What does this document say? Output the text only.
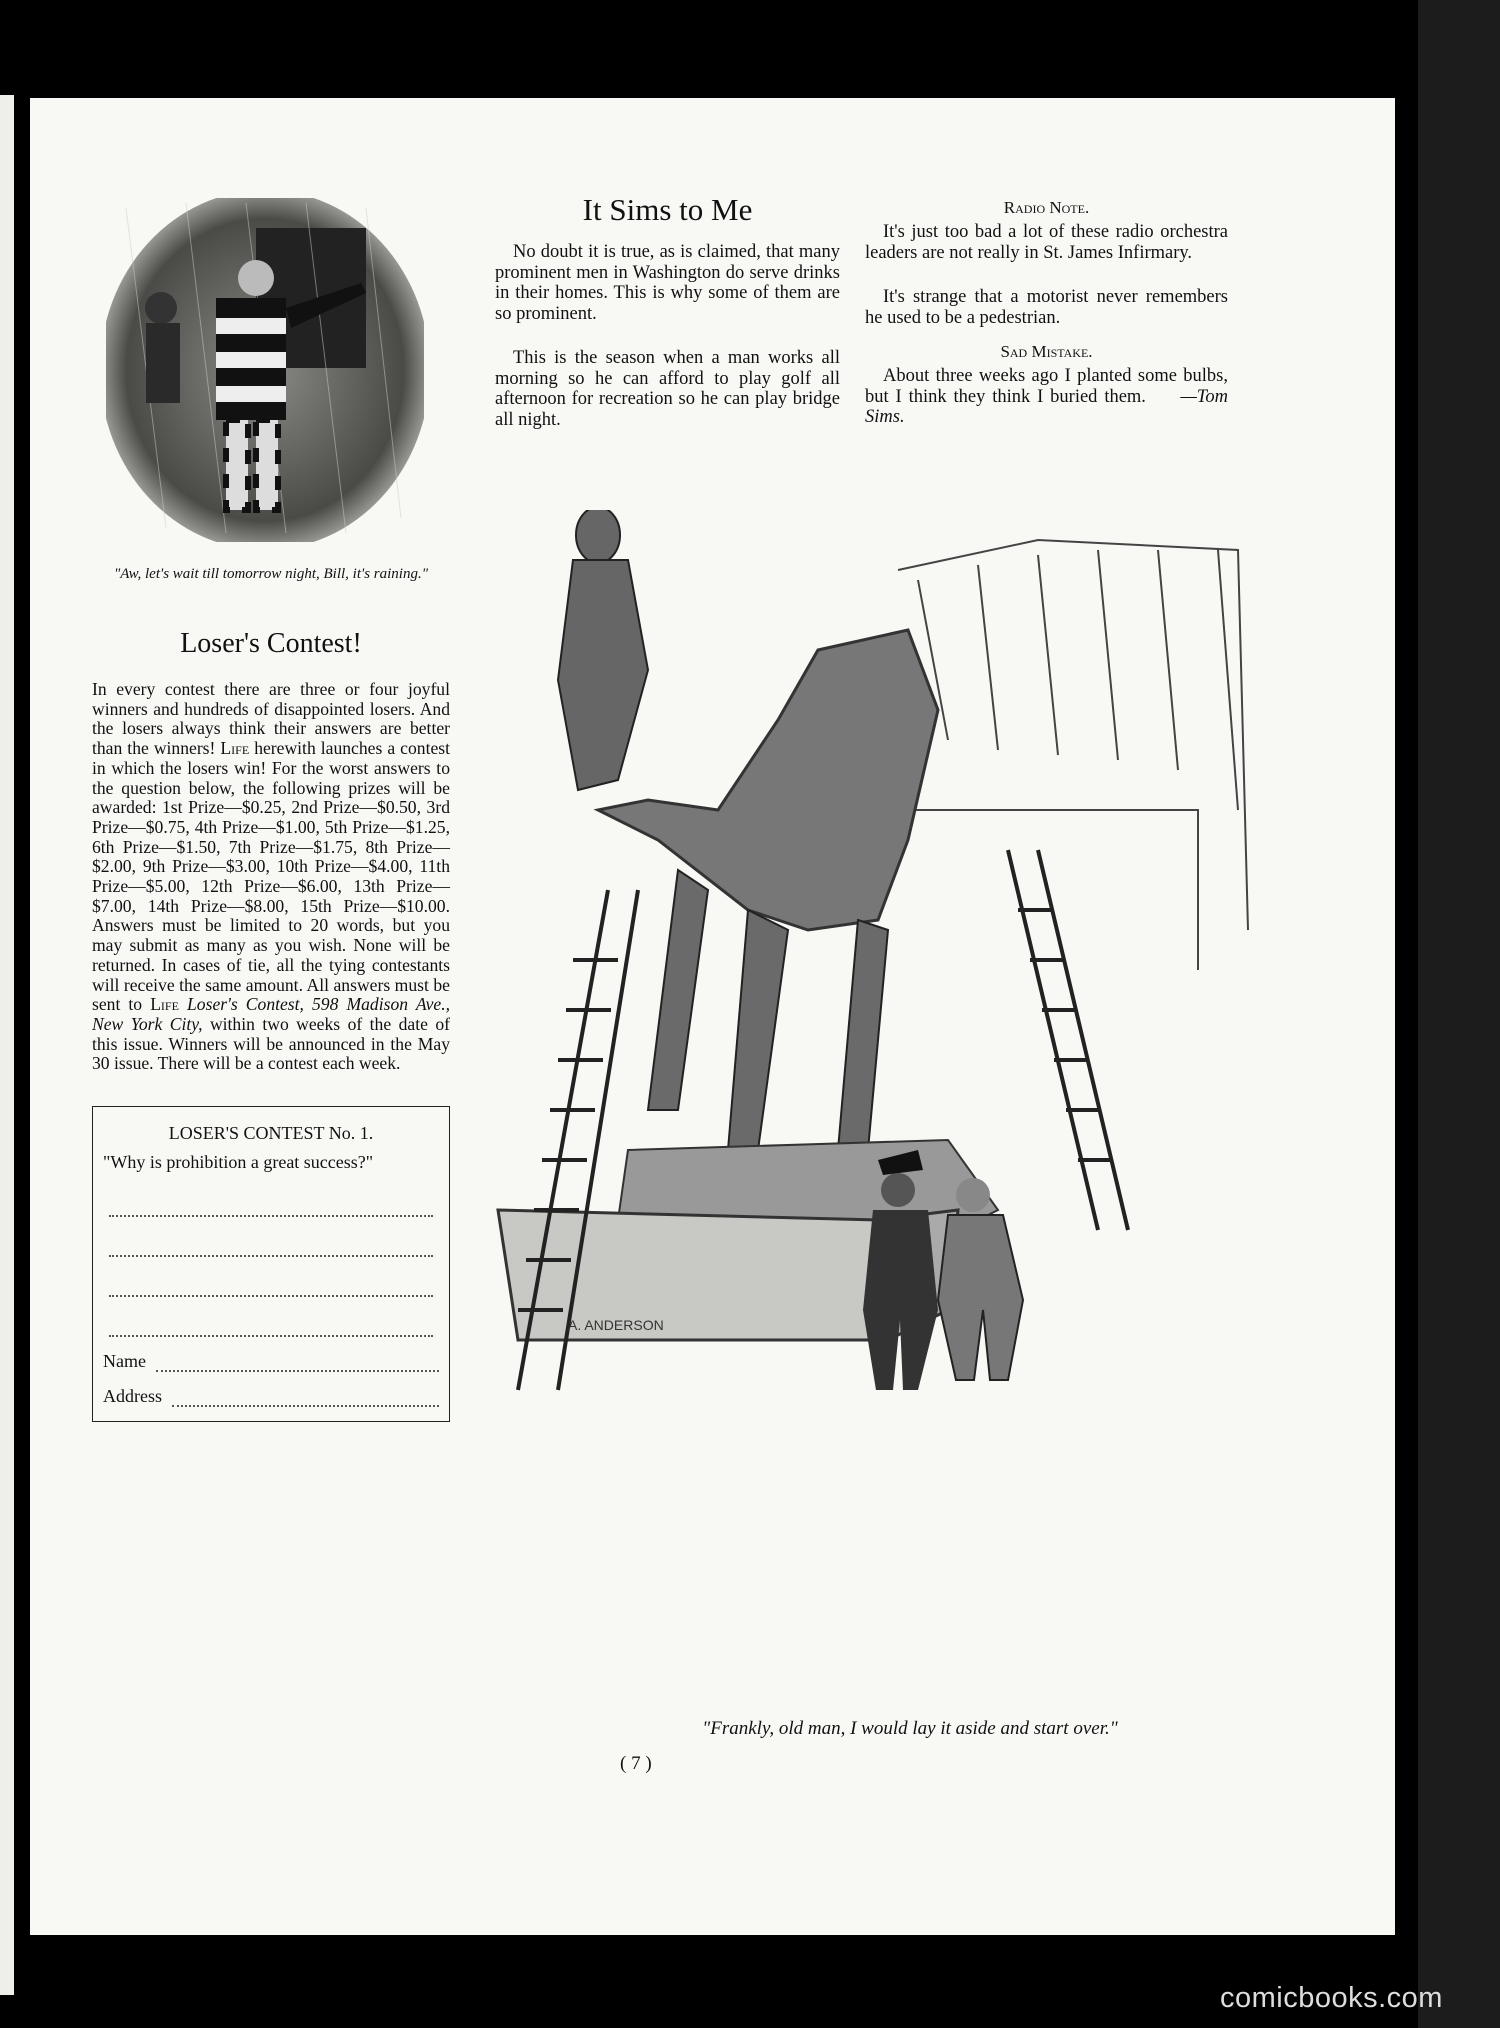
"Aw, let's wait till tomorrow night, Bill, it's raining."
Loser's Contest!

In every contest there are three or four joyful winners and hundreds of disappointed losers. And the losers always think their answers are better than the winners! Life herewith launches a contest in which the losers win! For the worst answers to the question below, the following prizes will be awarded: 1st Prize—$0.25, 2nd Prize—$0.50, 3rd Prize—$0.75, 4th Prize—$1.00, 5th Prize—$1.25, 6th Prize—$1.50, 7th Prize—$1.75, 8th Prize—$2.00, 9th Prize—$3.00, 10th Prize—$4.00, 11th Prize—$5.00, 12th Prize—$6.00, 13th Prize—$7.00, 14th Prize—$8.00, 15th Prize—$10.00. Answers must be limited to 20 words, but you may submit as many as you wish. None will be returned. In cases of tie, all the tying contestants will receive the same amount. All answers must be sent to Life Loser's Contest, 598 Madison Ave., New York City, within two weeks of the date of this issue. Winners will be announced in the May 30 issue. There will be a contest each week.

LOSER'S CONTEST No. 1.
"Why is prohibition a great success?"
Name
Address
It Sims to Me

No doubt it is true, as is claimed, that many prominent men in Washington do serve drinks in their homes. This is why some of them are so prominent.

This is the season when a man works all morning so he can afford to play golf all afternoon for recreation so he can play bridge all night.

Radio Note.

It's just too bad a lot of these radio orchestra leaders are not really in St. James Infirmary.

It's strange that a motorist never remembers he used to be a pedestrian.

Sad Mistake.

About three weeks ago I planted some bulbs, but I think they think I buried them. —Tom Sims.

A. ANDERSON
"Frankly, old man, I would lay it aside and start over."
( 7 )
comicbooks.com
